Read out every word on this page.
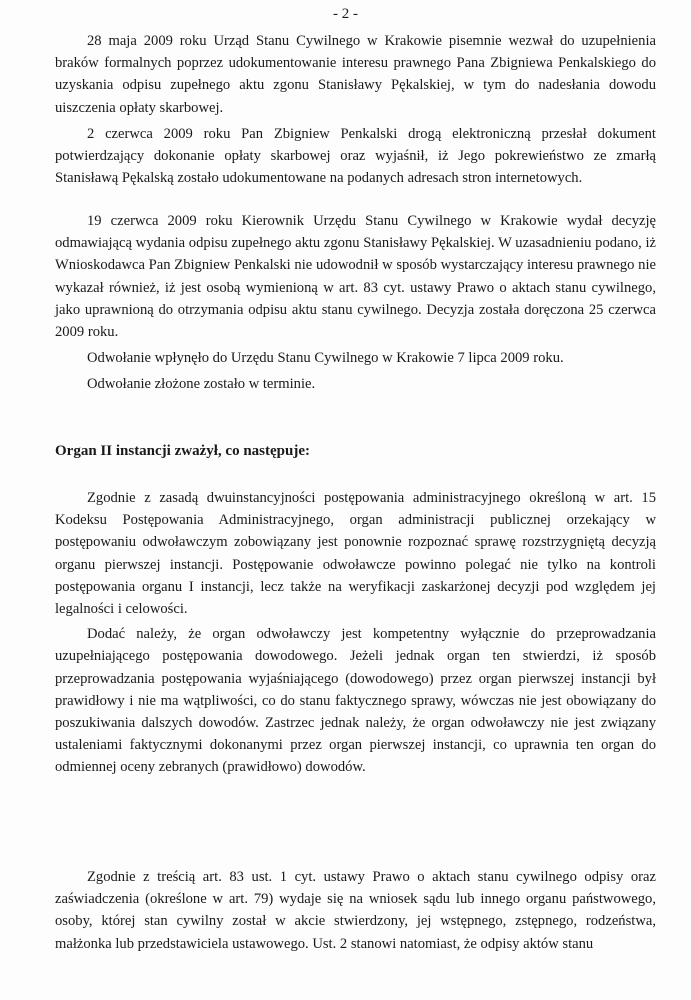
- 2 -

28 maja 2009 roku Urząd Stanu Cywilnego w Krakowie pisemnie wezwał do uzupełnienia braków formalnych poprzez udokumentowanie interesu prawnego Pana Zbigniewa Penkalskiego do uzyskania odpisu zupełnego aktu zgonu Stanisławy Pękalskiej, w tym do nadesłania dowodu uiszczenia opłaty skarbowej.

2 czerwca 2009 roku Pan Zbigniew Penkalski drogą elektroniczną przesłał dokument potwierdzający dokonanie opłaty skarbowej oraz wyjaśnił, iż Jego pokrewieństwo ze zmarłą Stanisławą Pękalską zostało udokumentowane na podanych adresach stron internetowych.

19 czerwca 2009 roku Kierownik Urzędu Stanu Cywilnego w Krakowie wydał decyzję odmawiającą wydania odpisu zupełnego aktu zgonu Stanisławy Pękalskiej. W uzasadnieniu podano, iż Wnioskodawca Pan Zbigniew Penkalski nie udowodnił w sposób wystarczający interesu prawnego nie wykazał również, iż jest osobą wymienioną w art. 83 cyt. ustawy Prawo o aktach stanu cywilnego, jako uprawnioną do otrzymania odpisu aktu stanu cywilnego. Decyzja została doręczona 25 czerwca 2009 roku.

Odwołanie wpłynęło do Urzędu Stanu Cywilnego w Krakowie 7 lipca 2009 roku.

Odwołanie złożone zostało w terminie.

Organ II instancji zważył, co następuje:

Zgodnie z zasadą dwuinstancyjności postępowania administracyjnego określoną w art. 15 Kodeksu Postępowania Administracyjnego, organ administracji publicznej orzekający w postępowaniu odwoławczym zobowiązany jest ponownie rozpoznać sprawę rozstrzygniętą decyzją organu pierwszej instancji. Postępowanie odwoławcze powinno polegać nie tylko na kontroli postępowania organu I instancji, lecz także na weryfikacji zaskarżonej decyzji pod względem jej legalności i celowości.

Dodać należy, że organ odwoławczy jest kompetentny wyłącznie do przeprowadzania uzupełniającego postępowania dowodowego. Jeżeli jednak organ ten stwierdzi, iż sposób przeprowadzania postępowania wyjaśniającego (dowodowego) przez organ pierwszej instancji był prawidłowy i nie ma wątpliwości, co do stanu faktycznego sprawy, wówczas nie jest obowiązany do poszukiwania dalszych dowodów. Zastrzec jednak należy, że organ odwoławczy nie jest związany ustaleniami faktycznymi dokonanymi przez organ pierwszej instancji, co uprawnia ten organ do odmiennej oceny zebranych (prawidłowo) dowodów.

Zgodnie z treścią art. 83 ust. 1 cyt. ustawy Prawo o aktach stanu cywilnego odpisy oraz zaświadczenia (określone w art. 79) wydaje się na wniosek sądu lub innego organu państwowego, osoby, której stan cywilny został w akcie stwierdzony, jej wstępnego, zstępnego, rodzeństwa, małżonka lub przedstawiciela ustawowego. Ust. 2 stanowi natomiast, że odpisy aktów stanu
